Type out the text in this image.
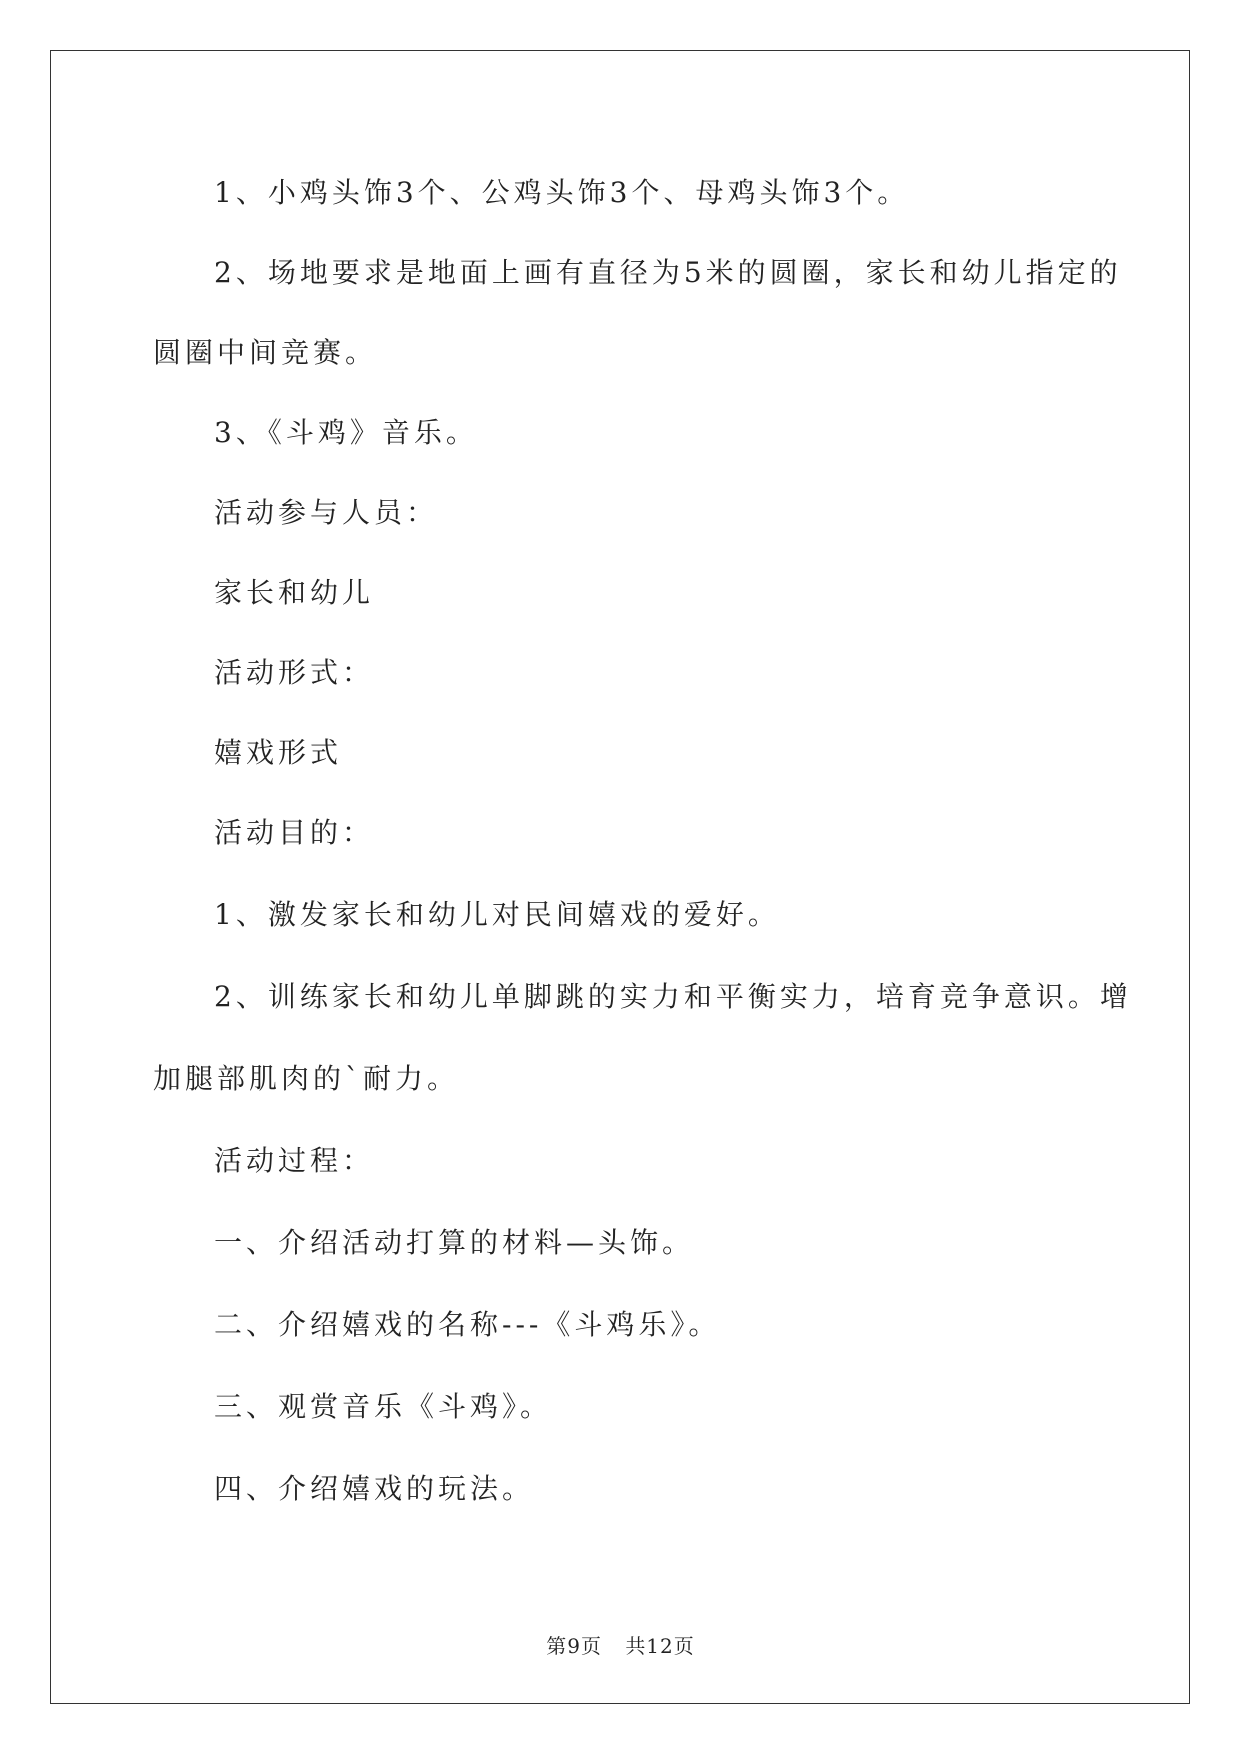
1、小鸡头饰3个、公鸡头饰3个、母鸡头饰3个。

2、场地要求是地面上画有直径为5米的圆圈，家长和幼儿指定的

圆圈中间竞赛。

3、《斗鸡》音乐。

活动参与人员：

家长和幼儿

活动形式：

嬉戏形式

活动目的：

1、激发家长和幼儿对民间嬉戏的爱好。

2、训练家长和幼儿单脚跳的实力和平衡实力，培育竞争意识。增

加腿部肌肉的`耐力。

活动过程：

一、介绍活动打算的材料—头饰。

二、介绍嬉戏的名称---《斗鸡乐》。

三、观赏音乐《斗鸡》。

四、介绍嬉戏的玩法。

第9页 共12页
